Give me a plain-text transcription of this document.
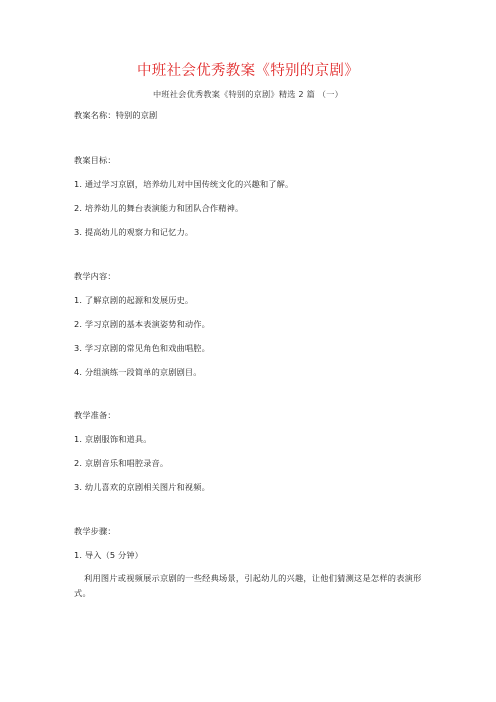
中班社会优秀教案《特别的京剧》
中班社会优秀教案《特别的京剧》精选 2 篇 （一）
教案名称：特别的京剧
教案目标：
1. 通过学习京剧，培养幼儿对中国传统文化的兴趣和了解。
2. 培养幼儿的舞台表演能力和团队合作精神。
3. 提高幼儿的观察力和记忆力。
教学内容：
1. 了解京剧的起源和发展历史。
2. 学习京剧的基本表演姿势和动作。
3. 学习京剧的常见角色和戏曲唱腔。
4. 分组演练一段简单的京剧剧目。
教学准备：
1. 京剧服饰和道具。
2. 京剧音乐和唱腔录音。
3. 幼儿喜欢的京剧相关图片和视频。
教学步骤：
1. 导入（5 分钟）
利用图片或视频展示京剧的一些经典场景，引起幼儿的兴趣，让他们猜测这是怎样的表演形式。
